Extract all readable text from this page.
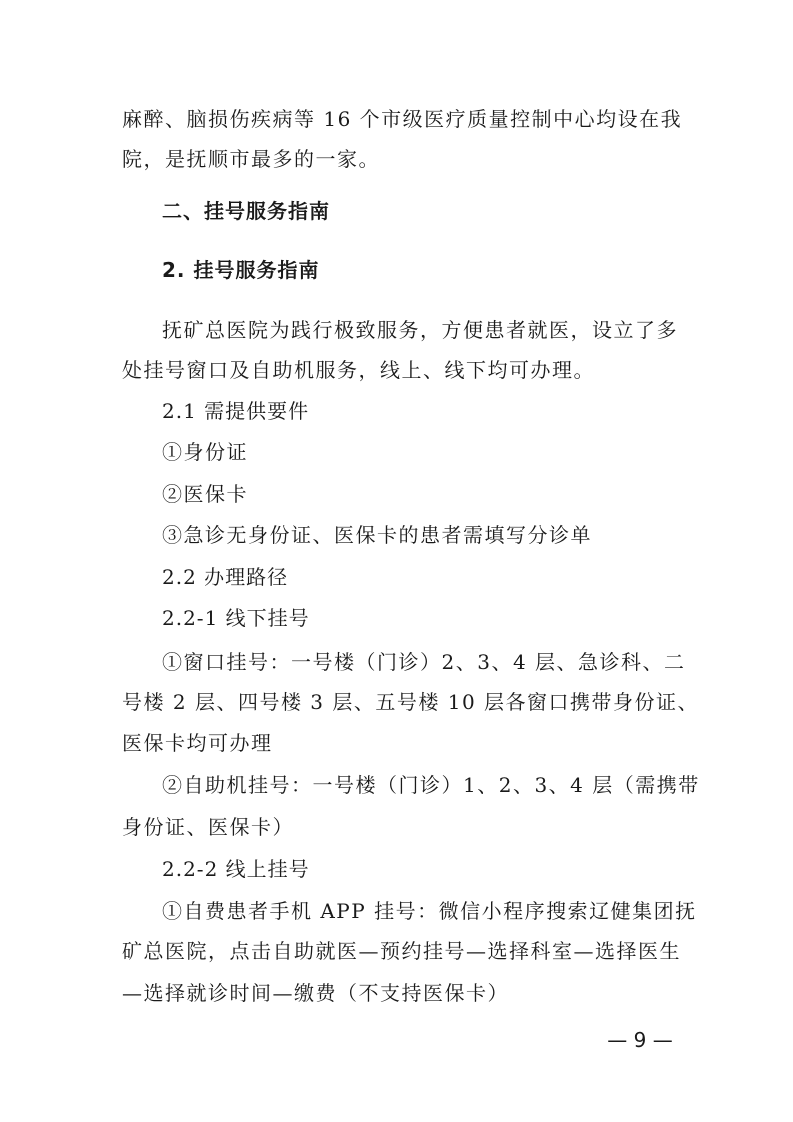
麻醉、脑损伤疾病等 16 个市级医疗质量控制中心均设在我
院，是抚顺市最多的一家。
二、挂号服务指南
2. 挂号服务指南
抚矿总医院为践行极致服务，方便患者就医，设立了多
处挂号窗口及自助机服务，线上、线下均可办理。
2.1 需提供要件
①身份证
②医保卡
③急诊无身份证、医保卡的患者需填写分诊单
2.2 办理路径
2.2-1 线下挂号
①窗口挂号：一号楼（门诊）2、3、4 层、急诊科、二
号楼 2 层、四号楼 3 层、五号楼 10 层各窗口携带身份证、
医保卡均可办理
②自助机挂号：一号楼（门诊）1、2、3、4 层（需携带
身份证、医保卡）
2.2-2 线上挂号
①自费患者手机 APP 挂号：微信小程序搜索辽健集团抚
矿总医院，点击自助就医—预约挂号—选择科室—选择医生
—选择就诊时间—缴费（不支持医保卡）
— 9 —
